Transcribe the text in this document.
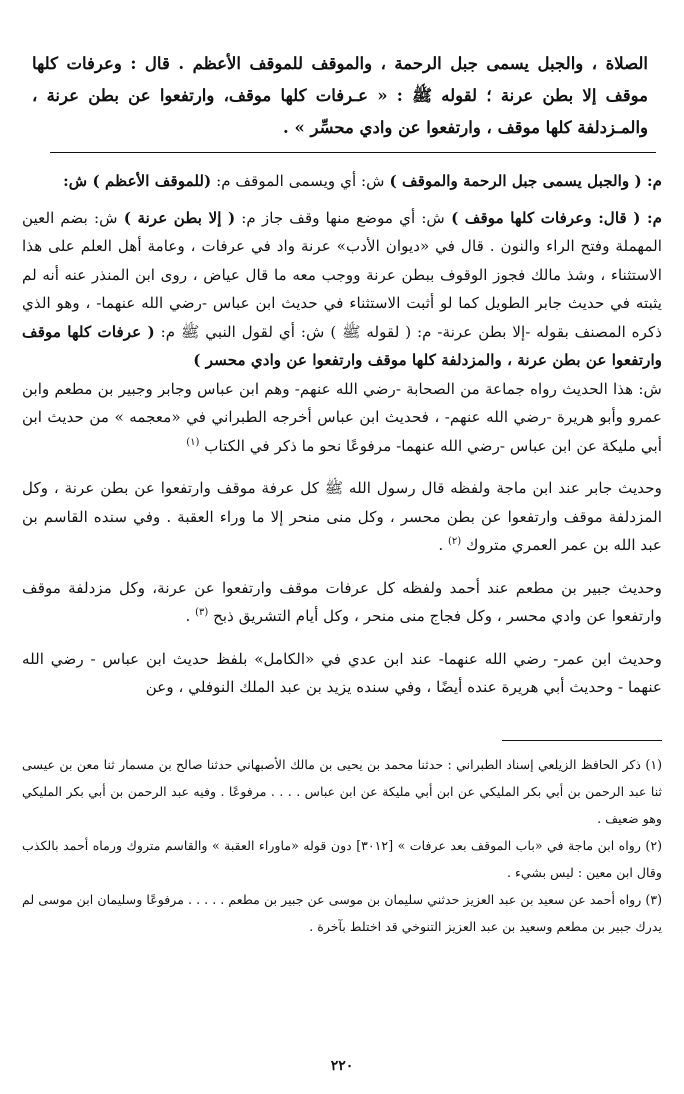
الصلاة ، والجبل يسمى جبل الرحمة ، والموقف للموقف الأعظم . قال : وعرفات كلها موقف إلا بطن عرنة ؛ لقوله ﷺ : « عـرفات كلها موقف، وارتفعوا عن بطن عرنة ، والمـزدلفة كلها موقف ، وارتفعوا عن وادي محسِّر » .

م: ( والجبل يسمى جبل الرحمة والموقف ) ش: أي ويسمى الموقف م: (للموقف الأعظم ) ش:

م: ( قال: وعرفات كلها موقف ) ش: أي موضع منها وقف جاز م: ( إلا بطن عرنة ) ش: بضم العين المهملة وفتح الراء والنون . قال في «ديوان الأدب» عرنة واد في عرفات ، وعامة أهل العلم على هذا الاستثناء ، وشذ مالك فجوز الوقوف ببطن عرنة ووجب معه ما قال عياض ، روى ابن المنذر عنه أنه لم يثبته في حديث جابر الطويل كما لو أثبت الاستثناء في حديث ابن عباس -رضي الله عنهما- ، وهو الذي ذكره المصنف بقوله -إلا بطن عرنة- م: ( لقوله ﷺ ) ش: أي لقول النبي ﷺ م: ( عرفات كلها موقف وارتفعوا عن بطن عرنة ، والمزدلفة كلها موقف وارتفعوا عن وادي محسر )

ش: هذا الحديث رواه جماعة من الصحابة -رضي الله عنهم- وهم ابن عباس وجابر وجبير بن مطعم وابن عمرو وأبو هريرة -رضي الله عنهم- ، فحديث ابن عباس أخرجه الطبراني في «معجمه » من حديث ابن أبي مليكة عن ابن عباس -رضي الله عنهما- مرفوعًا نحو ما ذكر في الكتاب $^{(١)}$

وحديث جابر عند ابن ماجة ولفظه قال رسول الله ﷺ كل عرفة موقف وارتفعوا عن بطن عرنة ، وكل المزدلفة موقف وارتفعوا عن بطن محسر ، وكل منى منحر إلا ما وراء العقبة . وفي سنده القاسم بن عبد الله بن عمر العمري متروك $^{(٢)}$ .

وحديث جبير بن مطعم عند أحمد ولفظه كل عرفات موقف وارتفعوا عن عرنة، وكل مزدلفة موقف وارتفعوا عن وادي محسر ، وكل فجاج منى منحر ، وكل أيام التشريق ذبح $^{(٣)}$ .

وحديث ابن عمر- رضي الله عنهما- عند ابن عدي في «الكامل» بلفظ حديث ابن عباس - رضي الله عنهما - وحديث أبي هريرة عنده أيضًا ، وفي سنده يزيد بن عبد الملك النوفلي ، وعن

(١) ذكر الحافظ الزيلعي إسناد الطبراني : حدثنا محمد بن يحيى بن مالك الأصبهاني حدثنا صالح بن مسمار ثنا معن بن عيسى ثنا عبد الرحمن بن أبي بكر المليكي عن ابن أبي مليكة عن ابن عباس . . . . مرفوعًا . وفيه عبد الرحمن بن أبي بكر المليكي وهو ضعيف .

(٢) رواه ابن ماجة في «باب الموقف بعد عرفات » [٣٠١٢] دون قوله «ماوراء العقبة » والقاسم متروك ورماه أحمد بالكذب وقال ابن معين : ليس بشيء .

(٣) رواه أحمد عن سعيد بن عبد العزيز حدثني سليمان بن موسى عن جبير بن مطعم . . . . . مرفوعًا وسليمان ابن موسى لم يدرك جبير بن مطعم وسعيد بن عبد العزيز التنوخي قد اختلط بآخرة .

٢٢٠
